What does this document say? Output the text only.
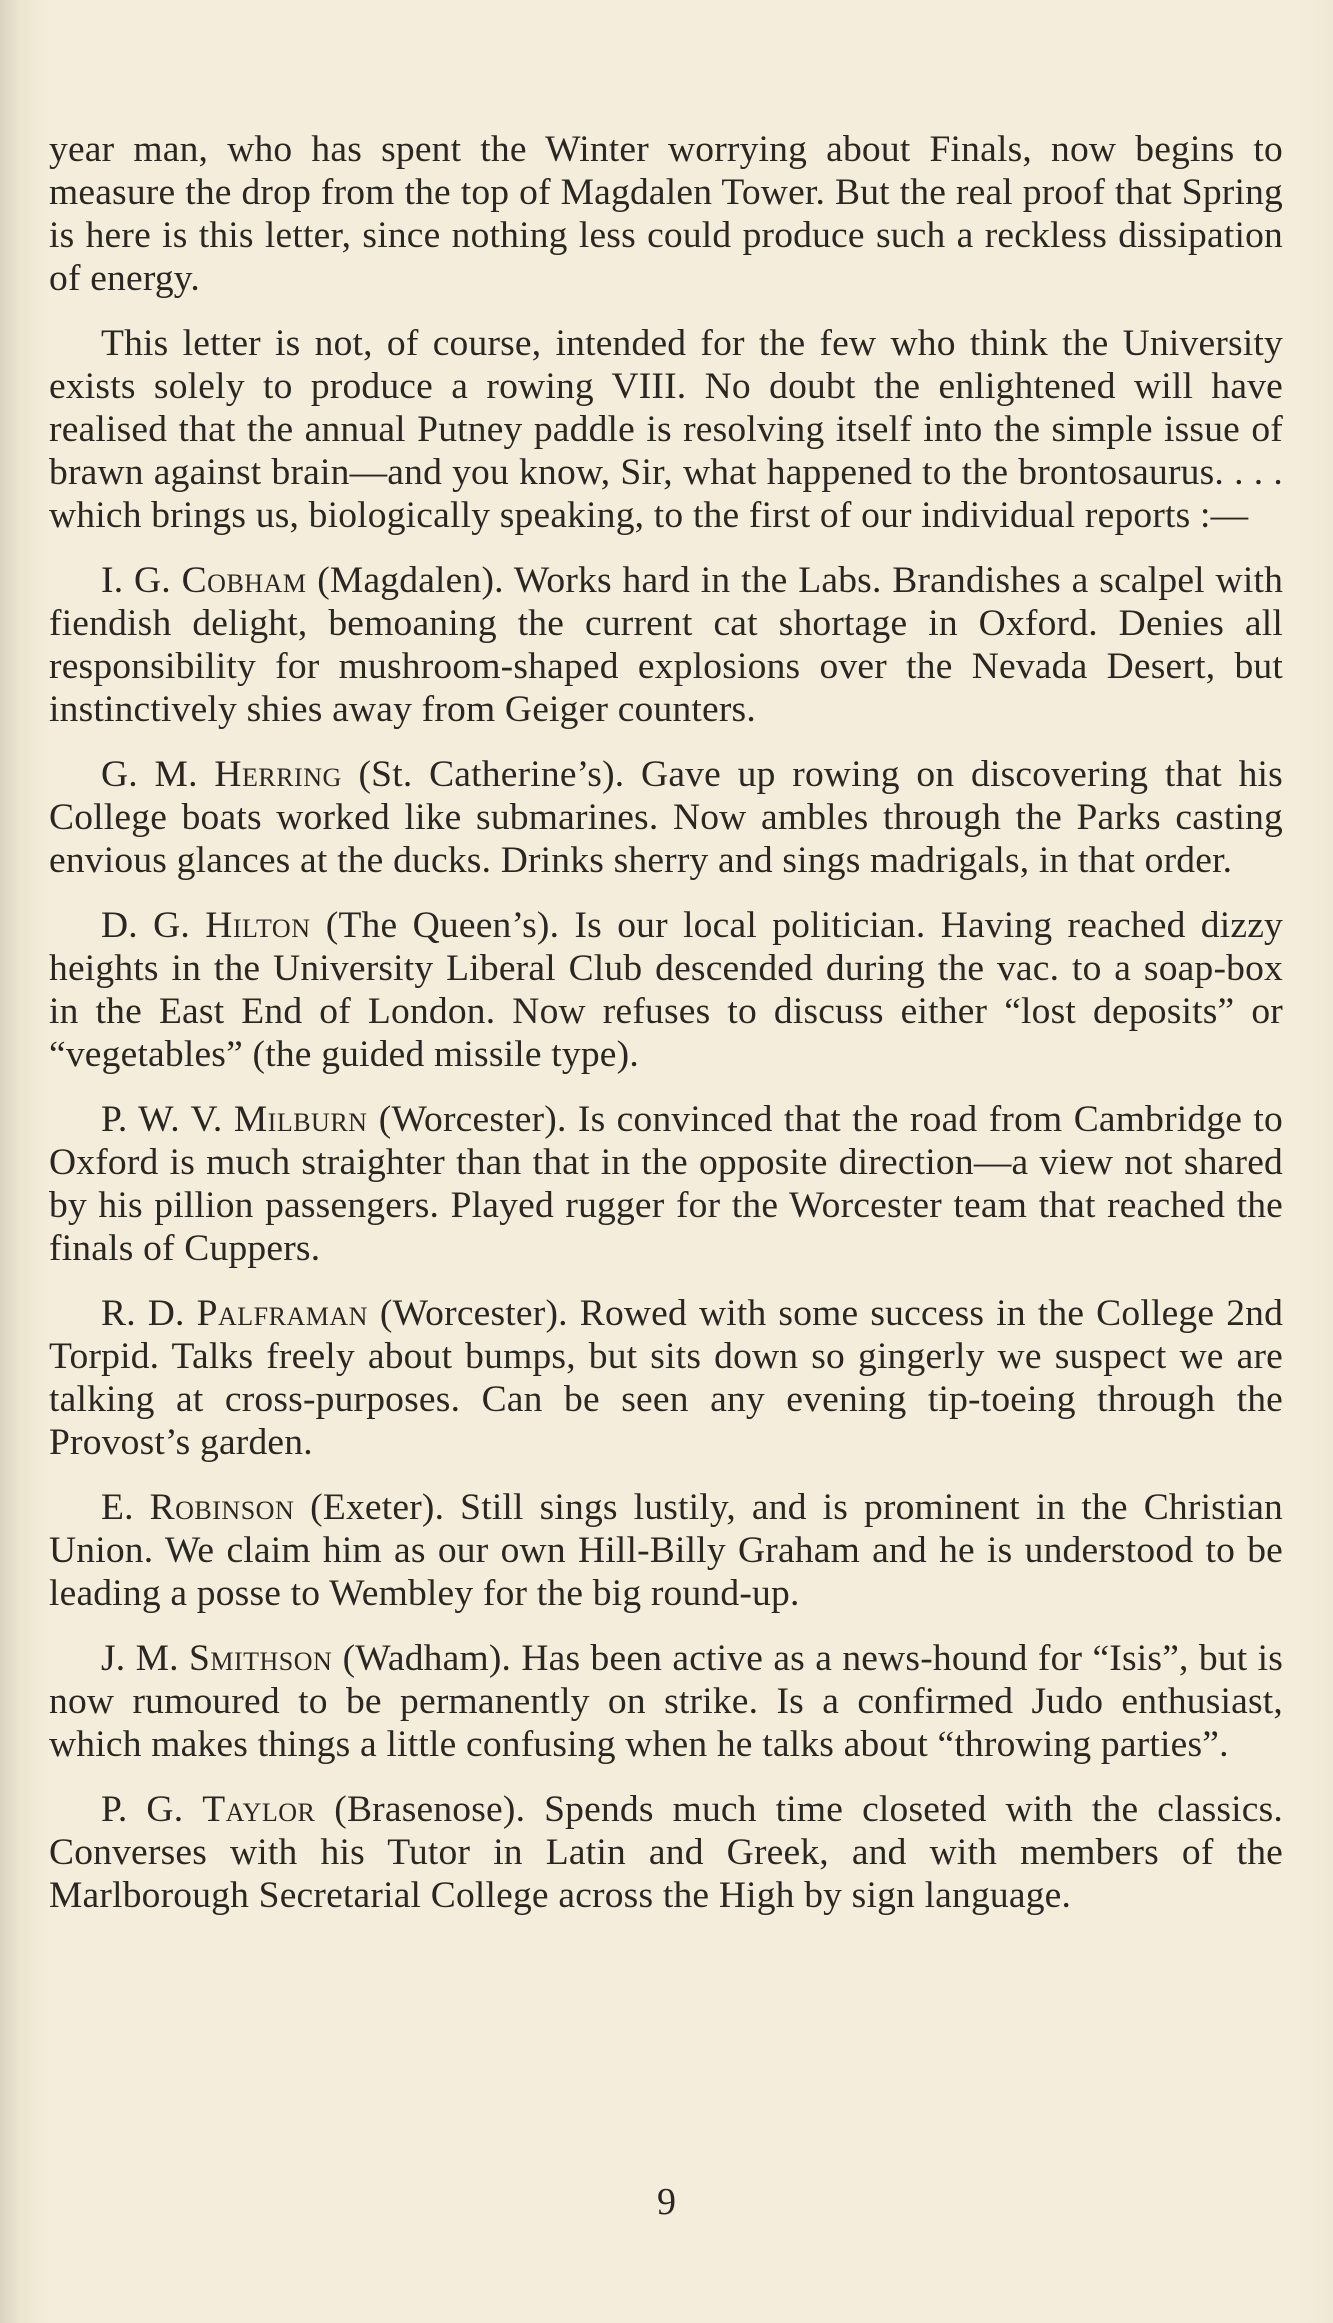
year man, who has spent the Winter worrying about Finals, now begins to measure the drop from the top of Magdalen Tower. But the real proof that Spring is here is this letter, since nothing less could produce such a reckless dissipation of energy.

This letter is not, of course, intended for the few who think the University exists solely to produce a rowing VIII. No doubt the enlightened will have realised that the annual Putney paddle is resolving itself into the simple issue of brawn against brain—and you know, Sir, what happened to the brontosaurus. . . . which brings us, biologically speaking, to the first of our individual reports :—

I. G. Cobham (Magdalen). Works hard in the Labs. Brandishes a scalpel with fiendish delight, bemoaning the current cat shortage in Oxford. Denies all responsibility for mushroom-shaped explosions over the Nevada Desert, but instinctively shies away from Geiger counters.

G. M. Herring (St. Catherine’s). Gave up rowing on discovering that his College boats worked like submarines. Now ambles through the Parks casting envious glances at the ducks. Drinks sherry and sings madrigals, in that order.

D. G. Hilton (The Queen’s). Is our local politician. Having reached dizzy heights in the University Liberal Club descended during the vac. to a soap-box in the East End of London. Now refuses to discuss either “lost deposits” or “vegetables” (the guided missile type).

P. W. V. Milburn (Worcester). Is convinced that the road from Cambridge to Oxford is much straighter than that in the opposite direction—a view not shared by his pillion passengers. Played rugger for the Worcester team that reached the finals of Cuppers.

R. D. Palframan (Worcester). Rowed with some success in the College 2nd Torpid. Talks freely about bumps, but sits down so gingerly we suspect we are talking at cross-purposes. Can be seen any evening tip-toeing through the Provost’s garden.

E. Robinson (Exeter). Still sings lustily, and is prominent in the Christian Union. We claim him as our own Hill-Billy Graham and he is understood to be leading a posse to Wembley for the big round-up.

J. M. Smithson (Wadham). Has been active as a news-hound for “Isis”, but is now rumoured to be permanently on strike. Is a confirmed Judo enthusiast, which makes things a little confusing when he talks about “throwing parties”.

P. G. Taylor (Brasenose). Spends much time closeted with the classics. Converses with his Tutor in Latin and Greek, and with members of the Marlborough Secretarial College across the High by sign language.

9
